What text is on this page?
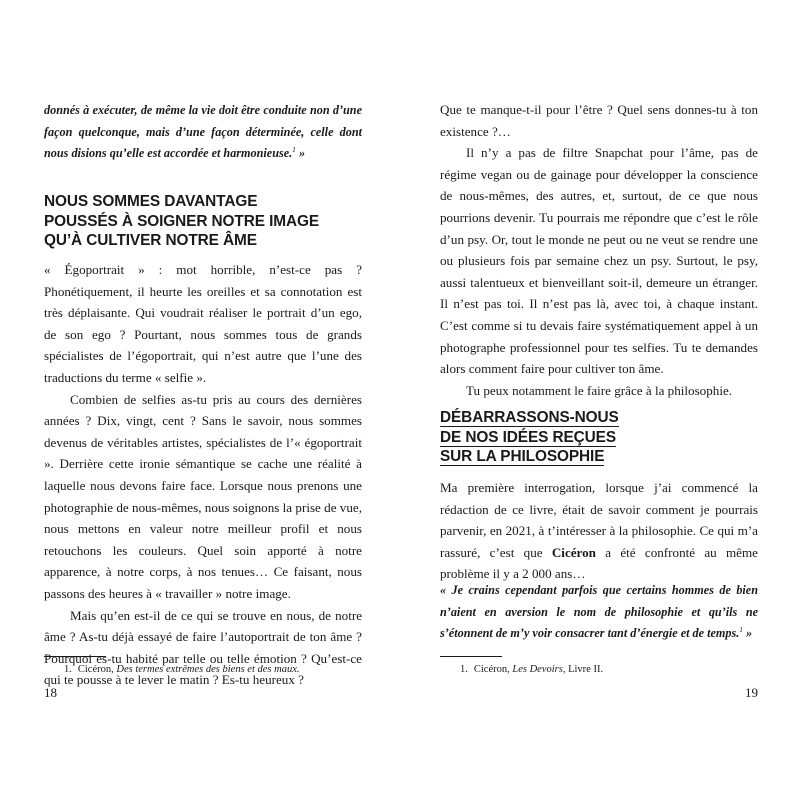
donnés à exécuter, de même la vie doit être conduite non d’une façon quelconque, mais d’une façon déterminée, celle dont nous disions qu’elle est accordée et harmonieuse.$^1$ »

NOUS SOMMES DAVANTAGE
POUSSÉS À SOIGNER NOTRE IMAGE
QU’À CULTIVER NOTRE ÂME

« Égoportrait » : mot horrible, n’est-ce pas ? Phonétiquement, il heurte les oreilles et sa connotation est très déplaisante. Qui voudrait réaliser le portrait d’un ego, de son ego ? Pourtant, nous sommes tous de grands spécialistes de l’égoportrait, qui n’est autre que l’une des traductions du terme « selfie ».

Combien de selfies as-tu pris au cours des dernières années ? Dix, vingt, cent ? Sans le savoir, nous sommes devenus de véritables artistes, spécialistes de l’« égoportrait ». Derrière cette ironie sémantique se cache une réalité à laquelle nous devons faire face. Lorsque nous prenons une photographie de nous-mêmes, nous soignons la prise de vue, nous mettons en valeur notre meilleur profil et nous retouchons les couleurs. Quel soin apporté à notre apparence, à notre corps, à nos tenues… Ce faisant, nous passons des heures à « travailler » notre image.

Mais qu’en est-il de ce qui se trouve en nous, de notre âme ? As-tu déjà essayé de faire l’autoportrait de ton âme ? Pourquoi es-tu habité par telle ou telle émotion ? Qu’est-ce qui te pousse à te lever le matin ? Es-tu heureux ?

1. Cicéron, Des termes extrêmes des biens et des maux.

18

Que te manque-t-il pour l’être ? Quel sens donnes-tu à ton existence ?…

Il n’y a pas de filtre Snapchat pour l’âme, pas de régime vegan ou de gainage pour développer la conscience de nous-mêmes, des autres, et, surtout, de ce que nous pourrions devenir. Tu pourrais me répondre que c’est le rôle d’un psy. Or, tout le monde ne peut ou ne veut se rendre une ou plusieurs fois par semaine chez un psy. Surtout, le psy, aussi talentueux et bienveillant soit-il, demeure un étranger. Il n’est pas toi. Il n’est pas là, avec toi, à chaque instant. C’est comme si tu devais faire systématiquement appel à un photographe professionnel pour tes selfies. Tu te demandes alors comment faire pour cultiver ton âme.

Tu peux notamment le faire grâce à la philosophie.

DÉBARRASSONS-NOUS
DE NOS IDÉES REÇUES
SUR LA PHILOSOPHIE

Ma première interrogation, lorsque j’ai commencé la rédaction de ce livre, était de savoir comment je pourrais parvenir, en 2021, à t’intéresser à la philosophie. Ce qui m’a rassuré, c’est que Cicéron a été confronté au même problème il y a 2 000 ans…

« Je crains cependant parfois que certains hommes de bien n’aient en aversion le nom de philosophie et qu’ils ne s’étonnent de m’y voir consacrer tant d’énergie et de temps.$^1$ »

1. Cicéron, Les Devoirs, Livre II.

19
